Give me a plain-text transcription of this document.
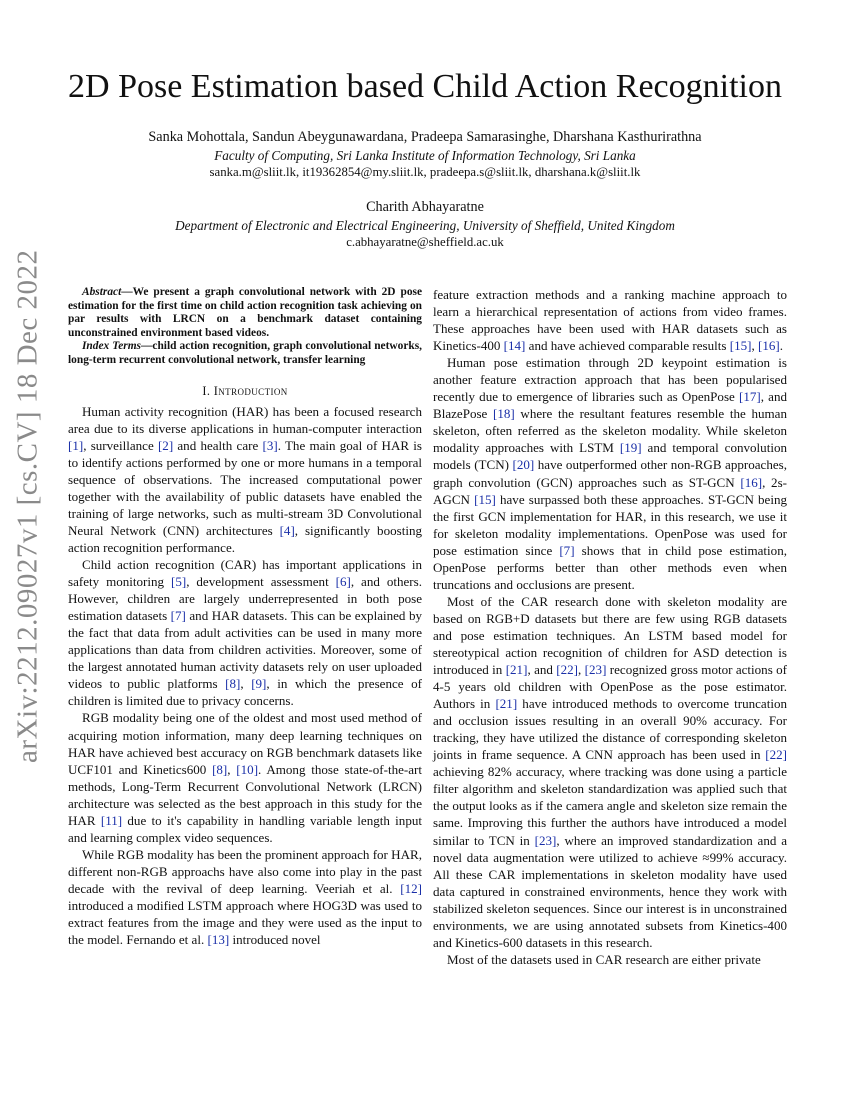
arXiv:2212.09027v1 [cs.CV] 18 Dec 2022
2D Pose Estimation based Child Action Recognition
Sanka Mohottala, Sandun Abeygunawardana, Pradeepa Samarasinghe, Dharshana Kasthurirathna
Faculty of Computing, Sri Lanka Institute of Information Technology, Sri Lanka
sanka.m@sliit.lk, it19362854@my.sliit.lk, pradeepa.s@sliit.lk, dharshana.k@sliit.lk
Charith Abhayaratne
Department of Electronic and Electrical Engineering, University of Sheffield, United Kingdom
c.abhayaratne@sheffield.ac.uk

Abstract—We present a graph convolutional network with 2D pose estimation for the first time on child action recognition task achieving on par results with LRCN on a benchmark dataset containing unconstrained environment based videos.

Index Terms—child action recognition, graph convolutional networks, long-term recurrent convolutional network, transfer learning

I. Introduction

Human activity recognition (HAR) has been a focused research area due to its diverse applications in human-computer interaction [1], surveillance [2] and health care [3]. The main goal of HAR is to identify actions performed by one or more humans in a temporal sequence of observations. The increased computational power together with the availability of public datasets have enabled the training of large networks, such as multi-stream 3D Convolutional Neural Network (CNN) architectures [4], significantly boosting action recognition performance.

Child action recognition (CAR) has important applications in safety monitoring [5], development assessment [6], and others. However, children are largely underrepresented in both pose estimation datasets [7] and HAR datasets. This can be explained by the fact that data from adult activities can be used in many more applications than data from children activities. Moreover, some of the largest annotated human activity datasets rely on user uploaded videos to public platforms [8], [9], in which the presence of children is limited due to privacy concerns.

RGB modality being one of the oldest and most used method of acquiring motion information, many deep learning techniques on HAR have achieved best accuracy on RGB benchmark datasets like UCF101 and Kinetics600 [8], [10]. Among those state-of-the-art methods, Long-Term Recurrent Convolutional Network (LRCN) architecture was selected as the best approach in this study for the HAR [11] due to it's capability in handling variable length input and learning complex video sequences.

While RGB modality has been the prominent approach for HAR, different non-RGB approachs have also come into play in the past decade with the revival of deep learning. Veeriah et al. [12] introduced a modified LSTM approach where HOG3D was used to extract features from the image and they were used as the input to the model. Fernando et al. [13] introduced novel

feature extraction methods and a ranking machine approach to learn a hierarchical representation of actions from video frames. These approaches have been used with HAR datasets such as Kinetics-400 [14] and have achieved comparable results [15], [16].

Human pose estimation through 2D keypoint estimation is another feature extraction approach that has been popularised recently due to emergence of libraries such as OpenPose [17], and BlazePose [18] where the resultant features resemble the human skeleton, often referred as the skeleton modality. While skeleton modality approaches with LSTM [19] and temporal convolution models (TCN) [20] have outperformed other non-RGB approaches, graph convolution (GCN) approaches such as ST-GCN [16], 2s-AGCN [15] have surpassed both these approaches. ST-GCN being the first GCN implementation for HAR, in this research, we use it for skeleton modality implementations. OpenPose was used for pose estimation since [7] shows that in child pose estimation, OpenPose performs better than other methods even when truncations and occlusions are present.

Most of the CAR research done with skeleton modality are based on RGB+D datasets but there are few using RGB datasets and pose estimation techniques. An LSTM based model for stereotypical action recognition of children for ASD detection is introduced in [21], and [22], [23] recognized gross motor actions of 4-5 years old children with OpenPose as the pose estimator. Authors in [21] have introduced methods to overcome truncation and occlusion issues resulting in an overall 90% accuracy. For tracking, they have utilized the distance of corresponding skeleton joints in frame sequence. A CNN approach has been used in [22] achieving 82% accuracy, where tracking was done using a particle filter algorithm and skeleton standardization was applied such that the output looks as if the camera angle and skeleton size remain the same. Improving this further the authors have introduced a model similar to TCN in [23], where an improved standardization and a novel data augmentation were utilized to achieve ≈99% accuracy. All these CAR implementations in skeleton modality have used data captured in constrained environments, hence they work with stabilized skeleton sequences. Since our interest is in unconstrained environments, we are using annotated subsets from Kinetics-400 and Kinetics-600 datasets in this research.

Most of the datasets used in CAR research are either private
